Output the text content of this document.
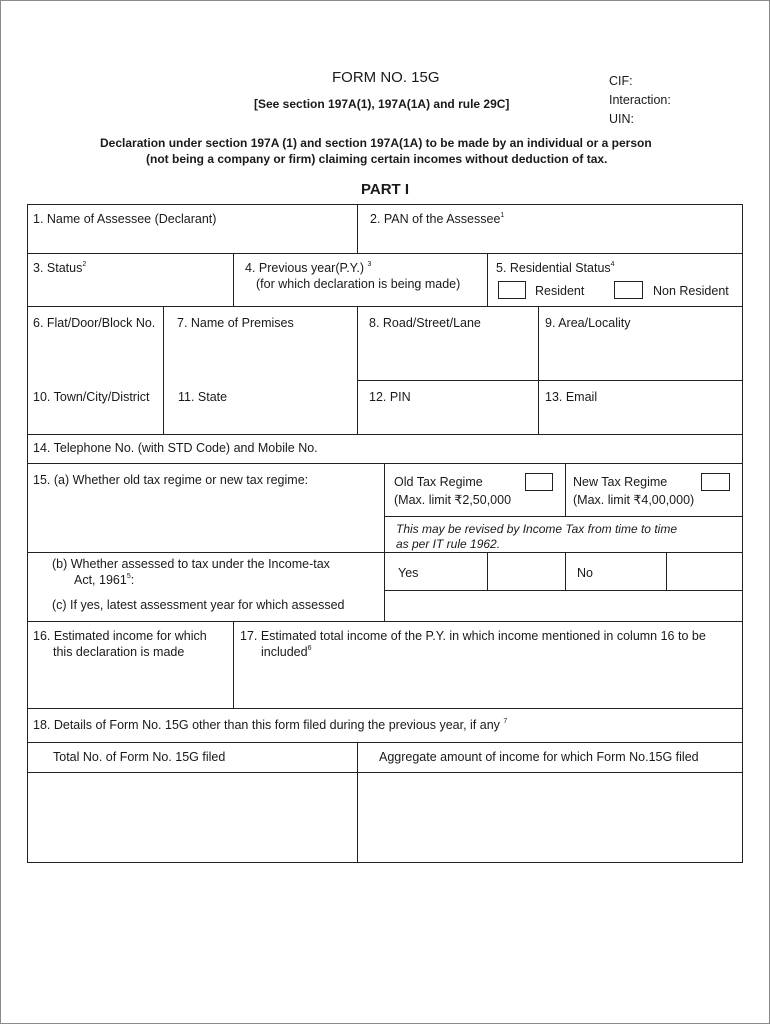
FORM NO. 15G
[See section 197A(1), 197A(1A) and rule 29C]
CIF:
Interaction:
UIN:
Declaration under section 197A (1) and section 197A(1A) to be made by an individual or a person
(not being a company or firm) claiming certain incomes without deduction of tax.
PART I
1. Name of Assessee (Declarant)	2. PAN of the Assessee$^1$
3. Status$^2$	4. Previous year(P.Y.) $^3$
(for which declaration is being made)
5. Residential Status$^4$
Resident	Non Resident
6. Flat/Door/Block No. 7. Name of Premises	8. Road/Street/Lane	9. Area/Locality
10. Town/City/District 11. State	12. PIN	13. Email
14. Telephone No. (with STD Code) and Mobile No.
15. (a) Whether old tax regime or new tax regime:	Old Tax Regime
(Max. limit ₹2,50,000
New Tax Regime
(Max. limit ₹4,00,000)
This may be revised by Income Tax from time to time
as per IT rule 1962.
(b) Whether assessed to tax under the Income-tax
Act, 1961$^5$:	Yes	No
(c) If yes, latest assessment year for which assessed
16. Estimated income for which
this declaration is made
17. Estimated total income of the P.Y. in which income mentioned in column 16 to be
included$^6$
18. Details of Form No. 15G other than this form filed during the previous year, if any $^7$
Total No. of Form No. 15G filed	Aggregate amount of income for which Form No.15G filed
